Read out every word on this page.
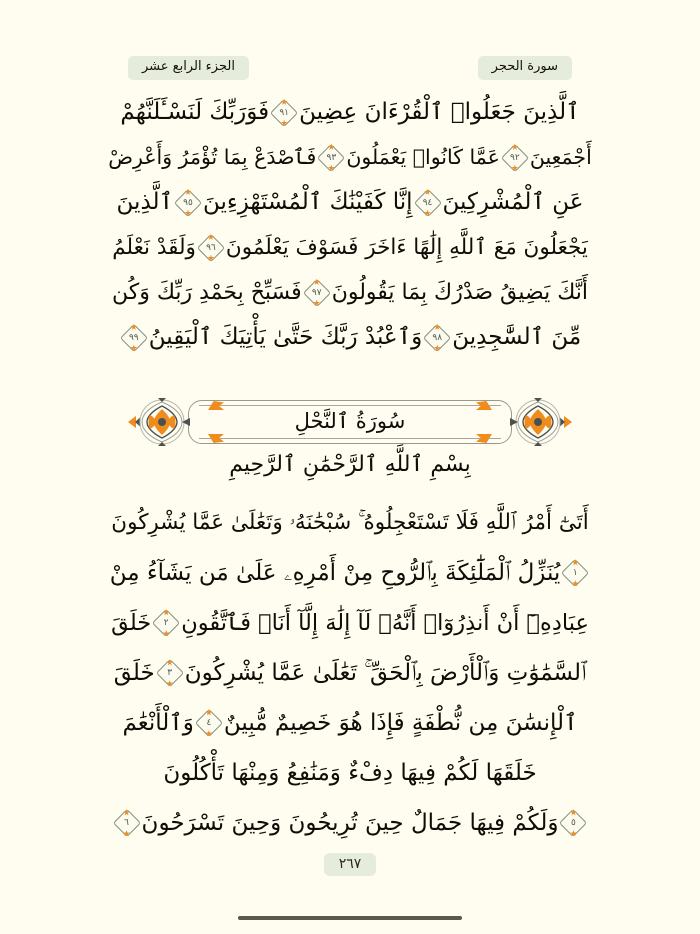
الجزء الرابع عشر	سورة الحجر
ٱلَّذِينَ جَعَلُوا۟ ٱلْقُرْءَانَ عِضِينَ
٩١
فَوَرَبِّكَ لَنَسْـَٔلَنَّهُمْ
أَجْمَعِينَ
٩٢
عَمَّا كَانُوا۟ يَعْمَلُونَ
٩٣
فَٱصْدَعْ بِمَا تُؤْمَرُ وَأَعْرِضْ
عَنِ ٱلْمُشْرِكِينَ
٩٤
إِنَّا كَفَيْنَٰكَ ٱلْمُسْتَهْزِءِينَ
٩٥
ٱلَّذِينَ
يَجْعَلُونَ مَعَ ٱللَّهِ إِلَٰهًا ءَاخَرَ فَسَوْفَ يَعْلَمُونَ
٩٦
وَلَقَدْ نَعْلَمُ
أَنَّكَ يَضِيقُ صَدْرُكَ بِمَا يَقُولُونَ
٩٧
فَسَبِّحْ بِحَمْدِ رَبِّكَ وَكُن
مِّنَ ٱلسَّٰجِدِينَ
٩٨
وَٱعْبُدْ رَبَّكَ حَتَّىٰ يَأْتِيَكَ ٱلْيَقِينُ
٩٩
سُورَةُ ٱلنَّحْلِ
بِسْمِ ٱللَّهِ ٱلرَّحْمَٰنِ ٱلرَّحِيمِ
أَتَىٰٓ أَمْرُ ٱللَّهِ فَلَا تَسْتَعْجِلُوهُ ۚ سُبْحَٰنَهُۥ وَتَعَٰلَىٰ عَمَّا يُشْرِكُونَ
١
يُنَزِّلُ ٱلْمَلَٰٓئِكَةَ بِٱلرُّوحِ مِنْ أَمْرِهِۦ عَلَىٰ مَن يَشَآءُ مِنْ
عِبَادِهِۦٓ أَنْ أَنذِرُوٓا۟ أَنَّهُۥ لَآ إِلَٰهَ إِلَّآ أَنَا۠ فَٱتَّقُونِ
٢
خَلَقَ
ٱلسَّمَٰوَٰتِ وَٱلْأَرْضَ بِٱلْحَقِّ ۚ تَعَٰلَىٰ عَمَّا يُشْرِكُونَ
٣
خَلَقَ
ٱلْإِنسَٰنَ مِن نُّطْفَةٍ فَإِذَا هُوَ خَصِيمٌ مُّبِينٌ
٤
وَٱلْأَنْعَٰمَ
خَلَقَهَا لَكُمْ فِيهَا دِفْءٌ وَمَنَٰفِعُ وَمِنْهَا تَأْكُلُونَ
٥
وَلَكُمْ فِيهَا جَمَالٌ حِينَ تُرِيحُونَ وَحِينَ تَسْرَحُونَ
٦
٢٦٧
